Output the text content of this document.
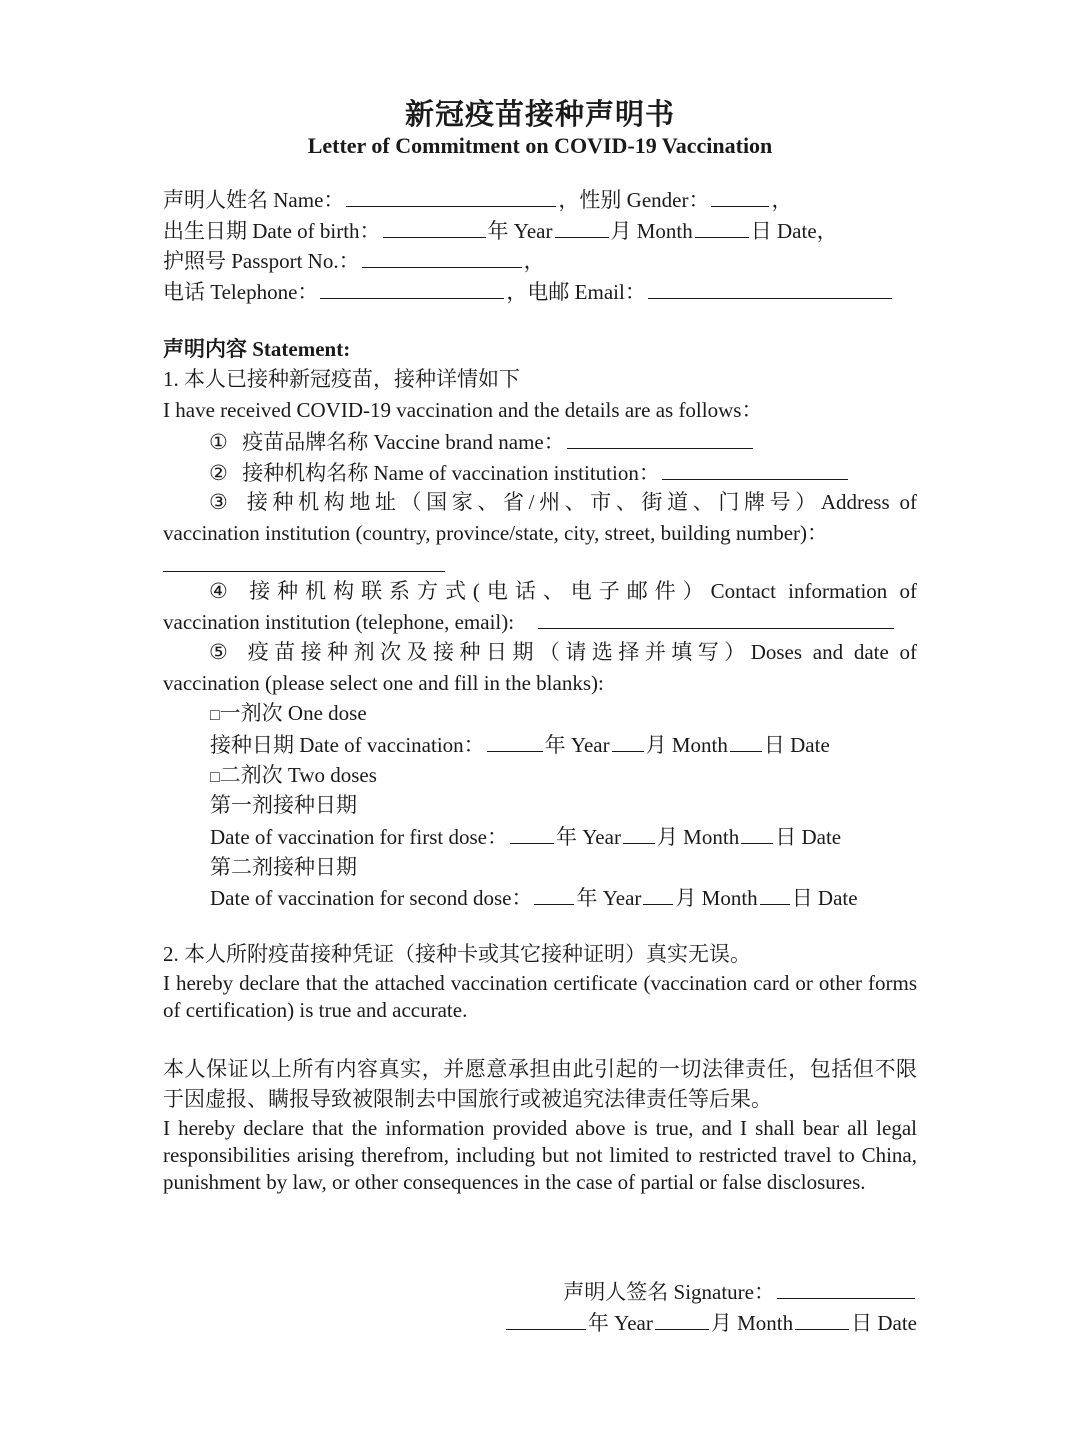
新冠疫苗接种声明书
Letter of Commitment on COVID-19 Vaccination
声明人姓名 Name：	，性别 Gender：	，
出生日期 Date of birth：	年 Year	月 Month	日 Date，
护照号 Passport No.：	，
电话 Telephone：	，电邮 Email：
声明内容 Statement:
1. 本人已接种新冠疫苗，接种详情如下
I have received COVID-19 vaccination and the details are as follows：
① 疫苗品牌名称 Vaccine brand name：
② 接种机构名称 Name of vaccination institution：
③ 接种机构地址（国家、省/州、市、街道、门牌号）Address of
vaccination institution (country, province/state, city, street, building number)：
④ 接种机构联系方式(电话、电子邮件）Contact information of
vaccination institution (telephone, email):
⑤ 疫苗接种剂次及接种日期（请选择并填写）Doses and date of
vaccination (please select one and fill in the blanks):
□一剂次 One dose
接种日期 Date of vaccination：	年 Year 月 Month 日 Date
□二剂次 Two doses
第一剂接种日期
Date of vaccination for first dose： 年 Year 月 Month 日 Date
第二剂接种日期
Date of vaccination for second dose： 年 Year 月 Month 日 Date
2. 本人所附疫苗接种凭证（接种卡或其它接种证明）真实无误。
I hereby declare that the attached vaccination certificate (vaccination card or other forms of certification) is true and accurate.
本人保证以上所有内容真实，并愿意承担由此引起的一切法律责任，包括但不限于因虚报、瞒报导致被限制去中国旅行或被追究法律责任等后果。
I hereby declare that the information provided above is true, and I shall bear all legal responsibilities arising therefrom, including but not limited to restricted travel to China, punishment by law, or other consequences in the case of partial or false disclosures.
声明人签名 Signature：
年 Year	月 Month	日 Date
